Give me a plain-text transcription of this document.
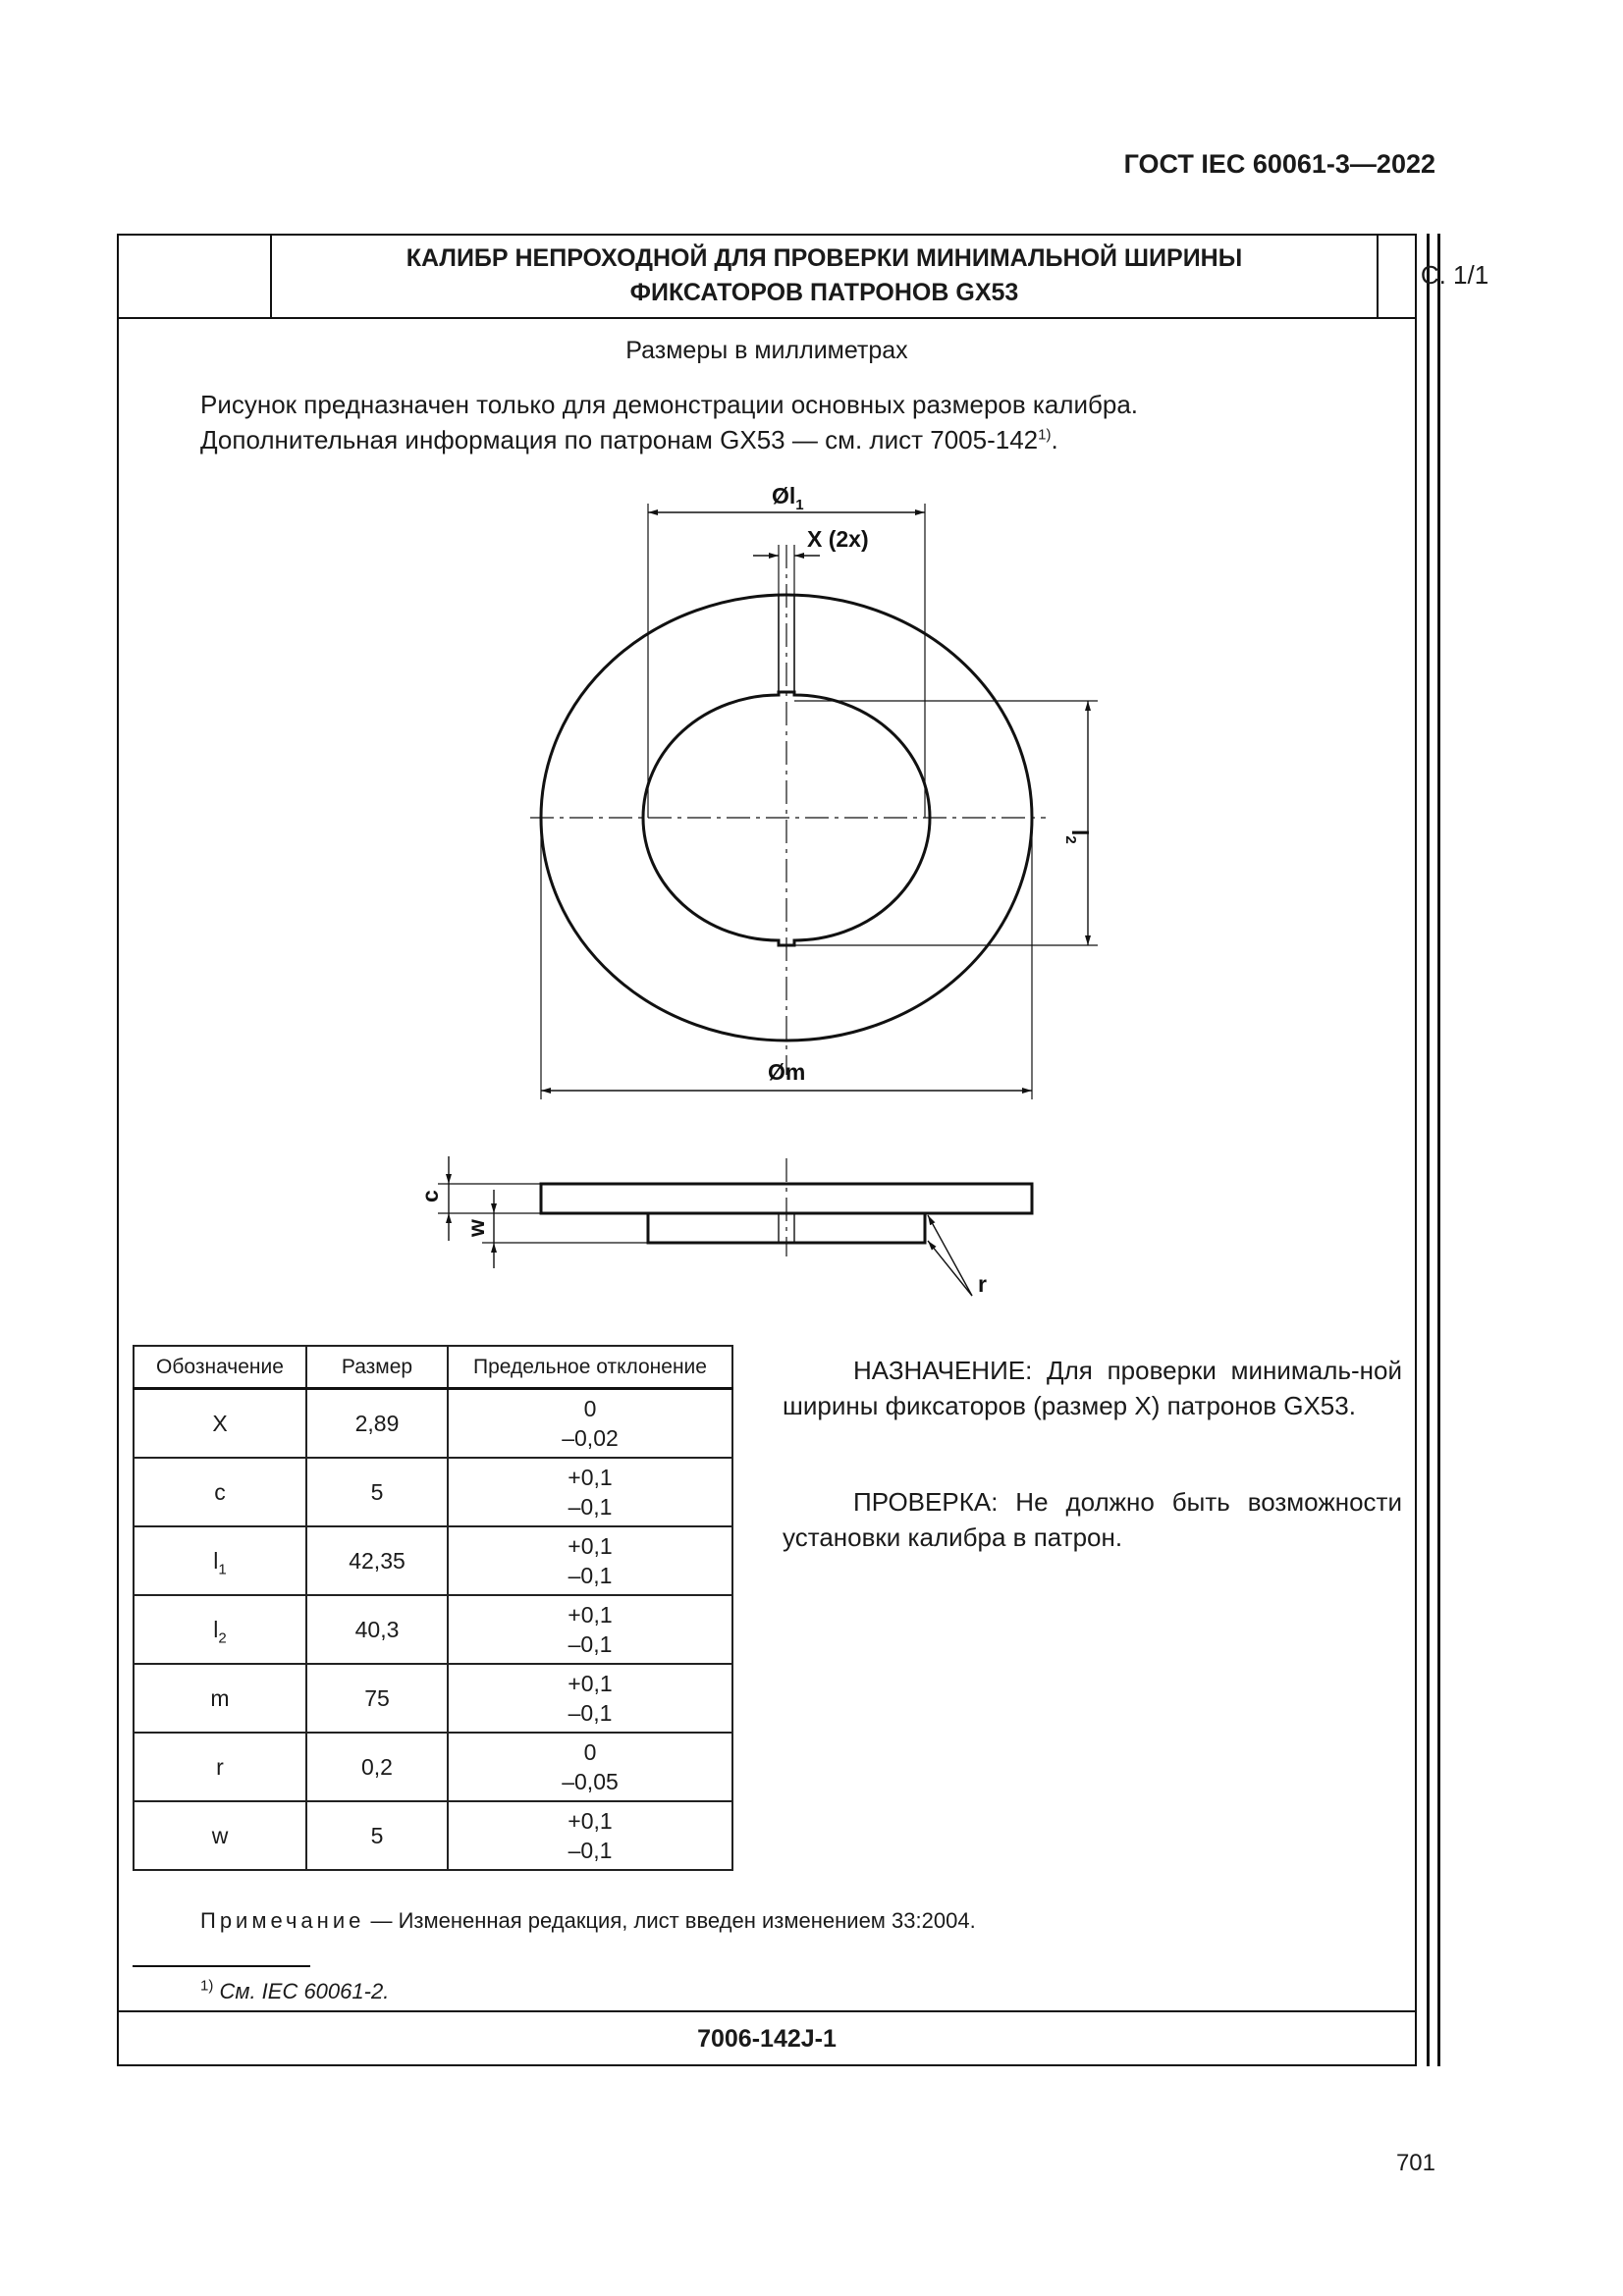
ГОСТ IEC 60061-3—2022
КАЛИБР НЕПРОХОДНОЙ ДЛЯ ПРОВЕРКИ МИНИМАЛЬНОЙ ШИРИНЫ
ФИКСАТОРОВ ПАТРОНОВ GX53
С. 1/1
Размеры в миллиметрах
Рисунок предназначен только для демонстрации основных размеров калибра.
Дополнительная информация по патронам GX53 — см. лист 7005-142$^{1)}$.
$Øl_1$
X (2x)
$l_2$
Øm
c
w
r
Обозначение	Размер	Предельное отклонение
X	2,89	0
–0,02

c	5	+0,1
–0,1

$l_1$	42,35	+0,1
–0,1

$l_2$	40,3	+0,1
–0,1

m	75	+0,1
–0,1

r	0,2	0
–0,05

w	5	+0,1
–0,1
НАЗНАЧЕНИЕ: Для проверки минималь-ной ширины фиксаторов (размер X) патронов GX53.
ПРОВЕРКА: Не должно быть возможности установки калибра в патрон.
Примечание — Измененная редакция, лист введен изменением 33:2004.
$^{1)}$ См. IEC 60061-2.
7006-142J-1
701
